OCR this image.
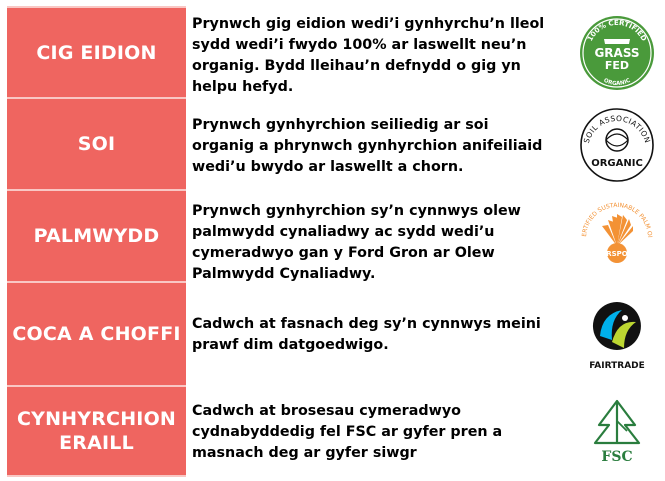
CIG EIDION
Prynwch gig eidion wedi’i gynhyrchu’n lleol sydd wedi’i fwydo 100% ar laswellt neu’n organig. Bydd lleihau’n defnydd o gig yn helpu hefyd.
100% CERTIFIED
GRASS
FED
ORGANIC
SOI
Prynwch gynhyrchion seiliedig ar soi organig a phrynwch gynhyrchion anifeiliaid wedi’u bwydo ar laswellt a chorn.
SOIL ASSOCIATION
ORGANIC
PALMWYDD
Prynwch gynhyrchion sy’n cynnwys olew palmwydd cynaliadwy ac sydd wedi’u cymeradwyo gan y Ford Gron ar Olew Palmwydd Cynaliadwy.
CERTIFIED SUSTAINABLE PALM OIL
RSPO
COCA A CHOFFI Cadwch at fasnach deg sy’n cynnwys meini prawf dim datgoedwigo.
FAIRTRADE
CYNHYRCHION
ERAILL
Cadwch at brosesau cymeradwyo cydnabyddedig fel FSC ar gyfer pren a masnach deg ar gyfer siwgr	FSC
